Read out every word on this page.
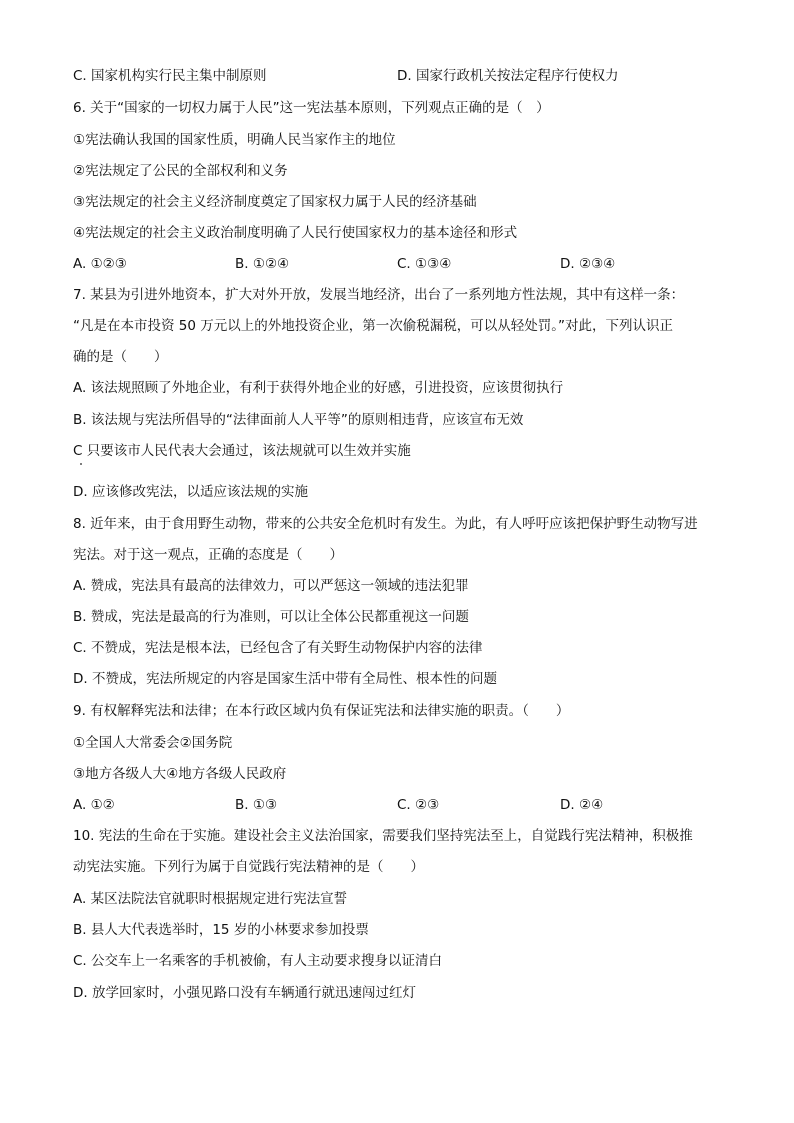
C. 国家机构实行民主集中制原则	D. 国家行政机关按法定程序行使权力
6. 关于“国家的一切权力属于人民”这一宪法基本原则，下列观点正确的是（　）
①宪法确认我国的国家性质，明确人民当家作主的地位
②宪法规定了公民的全部权利和义务
③宪法规定的社会主义经济制度奠定了国家权力属于人民的经济基础
④宪法规定的社会主义政治制度明确了人民行使国家权力的基本途径和形式
A. ①②③	B. ①②④	C. ①③④	D. ②③④
7. 某县为引进外地资本，扩大对外开放，发展当地经济，出台了一系列地方性法规，其中有这样一条：
“凡是在本市投资 50 万元以上的外地投资企业，第一次偷税漏税，可以从轻处罚。”对此，下列认识正
确的是（　　）
A. 该法规照顾了外地企业，有利于获得外地企业的好感，引进投资，应该贯彻执行
B. 该法规与宪法所倡导的“法律面前人人平等”的原则相违背，应该宣布无效
C 只要该市人民代表大会通过，该法规就可以生效并实施
D. 应该修改宪法，以适应该法规的实施
8. 近年来，由于食用野生动物，带来的公共安全危机时有发生。为此，有人呼吁应该把保护野生动物写进
宪法。对于这一观点，正确的态度是（　　）
A. 赞成，宪法具有最高的法律效力，可以严惩这一领域的违法犯罪
B. 赞成，宪法是最高的行为准则，可以让全体公民都重视这一问题
C. 不赞成，宪法是根本法，已经包含了有关野生动物保护内容的法律
D. 不赞成，宪法所规定的内容是国家生活中带有全局性、根本性的问题
9. 有权解释宪法和法律；在本行政区域内负有保证宪法和法律实施的职责。（　　）
①全国人大常委会②国务院
③地方各级人大④地方各级人民政府
A. ①②	B. ①③	C. ②③	D. ②④
10. 宪法的生命在于实施。建设社会主义法治国家，需要我们坚持宪法至上，自觉践行宪法精神，积极推
动宪法实施。下列行为属于自觉践行宪法精神的是（　　）
A. 某区法院法官就职时根据规定进行宪法宣誓
B. 县人大代表选举时，15 岁的小林要求参加投票
C. 公交车上一名乘客的手机被偷，有人主动要求搜身以证清白
D. 放学回家时，小强见路口没有车辆通行就迅速闯过红灯
